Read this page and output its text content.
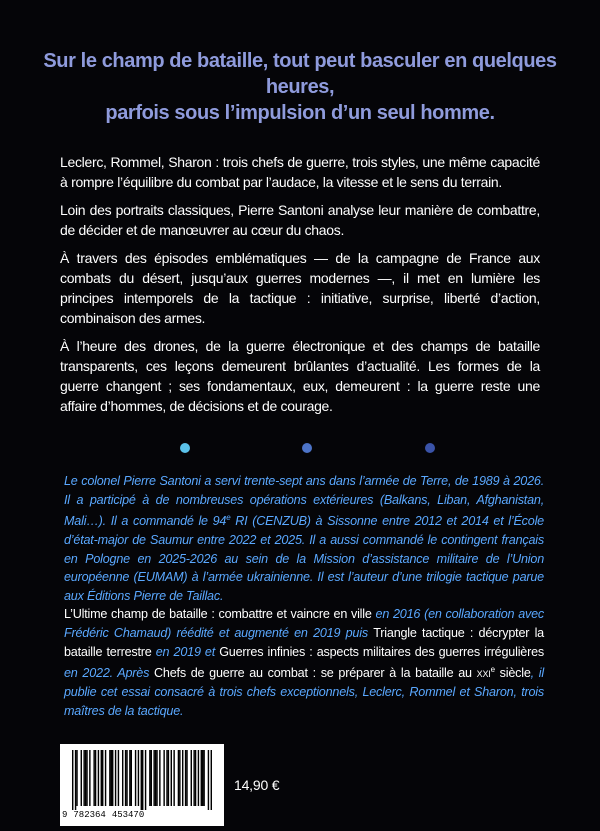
Sur le champ de bataille, tout peut basculer en quelques heures,
parfois sous l’impulsion d’un seul homme.

Leclerc, Rommel, Sharon : trois chefs de guerre, trois styles, une même capacité à rompre l’équilibre du combat par l’audace, la vitesse et le sens du terrain.

Loin des portraits classiques, Pierre Santoni analyse leur manière de combattre, de décider et de manœuvrer au cœur du chaos.

À travers des épisodes emblématiques — de la campagne de France aux combats du désert, jusqu’aux guerres modernes —, il met en lumière les principes intemporels de la tactique : initiative, surprise, liberté d’action, combinaison des armes.

À l’heure des drones, de la guerre électronique et des champs de bataille transparents, ces leçons demeurent brûlantes d’actualité. Les formes de la guerre changent ; ses fondamentaux, eux, demeurent : la guerre reste une affaire d’hommes, de décisions et de courage.

Le colonel Pierre Santoni a servi trente-sept ans dans l’armée de Terre, de 1989 à 2026. Il a participé à de nombreuses opérations extérieures (Balkans, Liban, Afghanistan, Mali…). Il a commandé le 94e RI (CENZUB) à Sissonne entre 2012 et 2014 et l’École d’état-major de Saumur entre 2022 et 2025. Il a aussi commandé le contingent français en Pologne en 2025-2026 au sein de la Mission d’assistance militaire de l’Union européenne (EUMAM) à l’armée ukrainienne. Il est l’auteur d’une trilogie tactique parue aux Éditions Pierre de Taillac.

L’Ultime champ de bataille : combattre et vaincre en ville en 2016 (en collaboration avec Frédéric Chamaud) réédité et augmenté en 2019 puis Triangle tactique : décrypter la bataille terrestre en 2019 et Guerres infinies : aspects militaires des guerres irrégulières en 2022. Après Chefs de guerre au combat : se préparer à la bataille au xxi$^e$ siècle, il publie cet essai consacré à trois chefs exceptionnels, Leclerc, Rommel et Sharon, trois maîtres de la tactique.

9 782364 453470
14,90 €
